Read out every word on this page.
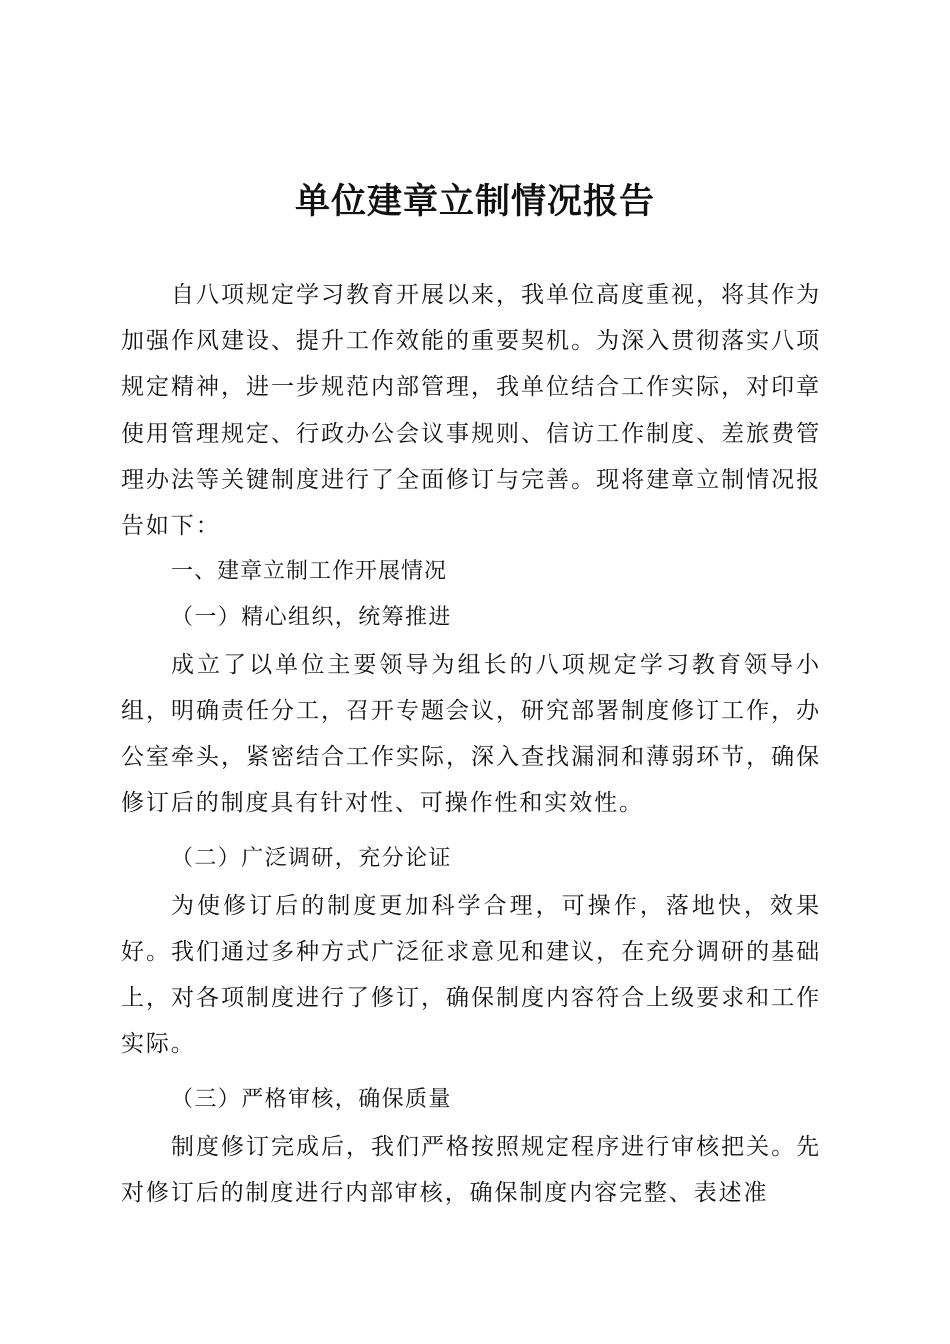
单位建章立制情况报告

自八项规定学习教育开展以来，我单位高度重视，将其作为加强作风建设、提升工作效能的重要契机。为深入贯彻落实八项规定精神，进一步规范内部管理，我单位结合工作实际，对印章使用管理规定、行政办公会议事规则、信访工作制度、差旅费管理办法等关键制度进行了全面修订与完善。现将建章立制情况报告如下：

一、建章立制工作开展情况

（一）精心组织，统筹推进

成立了以单位主要领导为组长的八项规定学习教育领导小组，明确责任分工，召开专题会议，研究部署制度修订工作，办公室牵头，紧密结合工作实际，深入查找漏洞和薄弱环节，确保修订后的制度具有针对性、可操作性和实效性。

（二）广泛调研，充分论证

为使修订后的制度更加科学合理，可操作，落地快，效果好。我们通过多种方式广泛征求意见和建议，在充分调研的基础上，对各项制度进行了修订，确保制度内容符合上级要求和工作实际。

（三）严格审核，确保质量

制度修订完成后，我们严格按照规定程序进行审核把关。先对修订后的制度进行内部审核，确保制度内容完整、表述准
